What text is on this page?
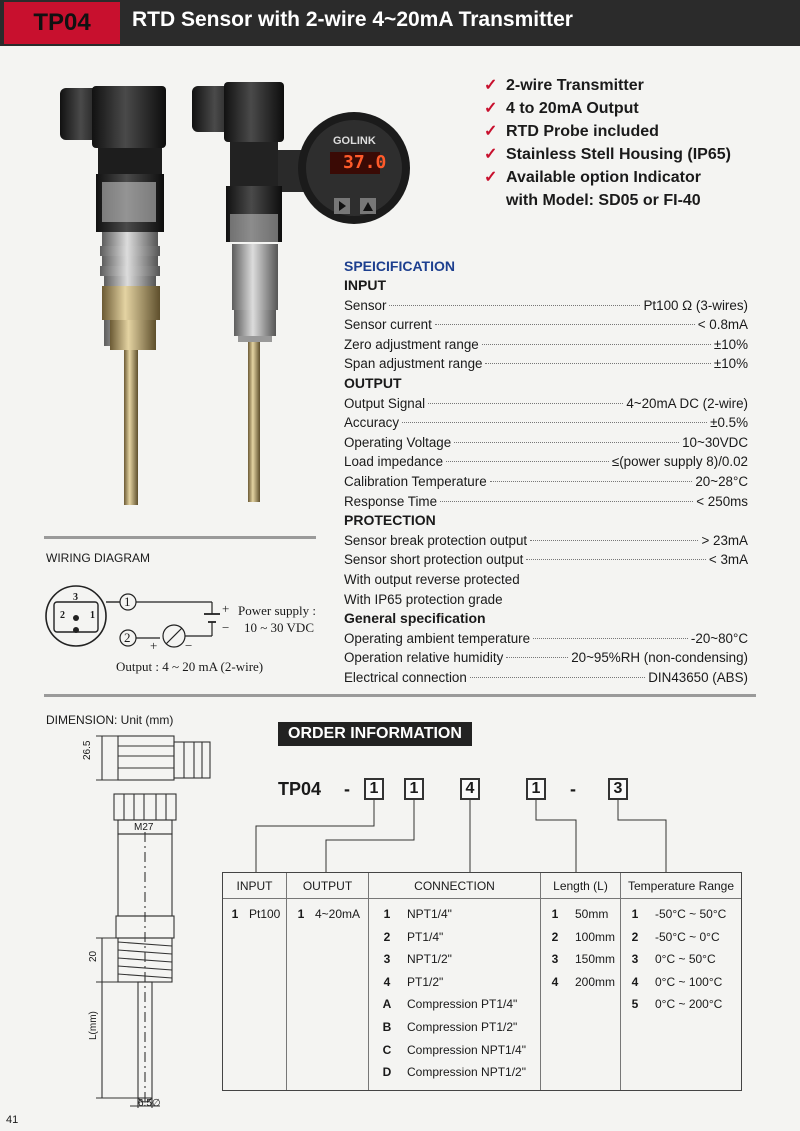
TP04	RTD Sensor with 2-wire 4~20mA Transmitter
GOLINK
37.0
✓ 2-wire Transmitter
✓ 4 to 20mA Output
✓ RTD Probe included
✓ Stainless Stell Housing (IP65)
✓ Available option Indicator with Model: SD05 or FI-40
SPEICIFICATION
INPUT
Sensor	Pt100 Ω (3-wires)
Sensor current	< 0.8mA
Zero adjustment range	±10%
Span adjustment range	±10%
OUTPUT
Output Signal	4~20mA DC (2-wire)
Accuracy	±0.5%
Operating Voltage	10~30VDC
Load impedance	≤(power supply 8)/0.02
Calibration Temperature	20~28°C
Response Time	< 250ms
PROTECTION
Sensor break protection output	> 23mA
Sensor short protection output	< 3mA
With output reverse protected
With IP65 protection grade
General specification
Operating ambient temperature	-20~80°C
Operation relative humidity	20~95%RH (non-condensing)
Electrical connection	DIN43650 (ABS)
WIRING DIAGRAM
3
2	1
1
2
+
−
+ −
Power supply :
10 ~ 30 VDC
Output : 4 ~ 20 mA (2-wire)
DIMENSION: Unit (mm)
26.5
M27
20
L(mm)
6.5∅
ORDER INFORMATION
TP04 -	-
1	1	4	1	3
INPUT
1 Pt100
OUTPUT
1 4~20mA
CONNECTION
1 NPT1/4"
2 PT1/4"
3 NPT1/2"
4 PT1/2"
A Compression PT1/4"
B Compression PT1/2"
C Compression NPT1/4"
D Compression NPT1/2"
Length (L)
1 50mm
2 100mm
3 150mm
4 200mm
Temperature Range
1 -50°C ~ 50°C
2 -50°C ~ 0°C
3 0°C ~ 50°C
4 0°C ~ 100°C
5 0°C ~ 200°C
41
